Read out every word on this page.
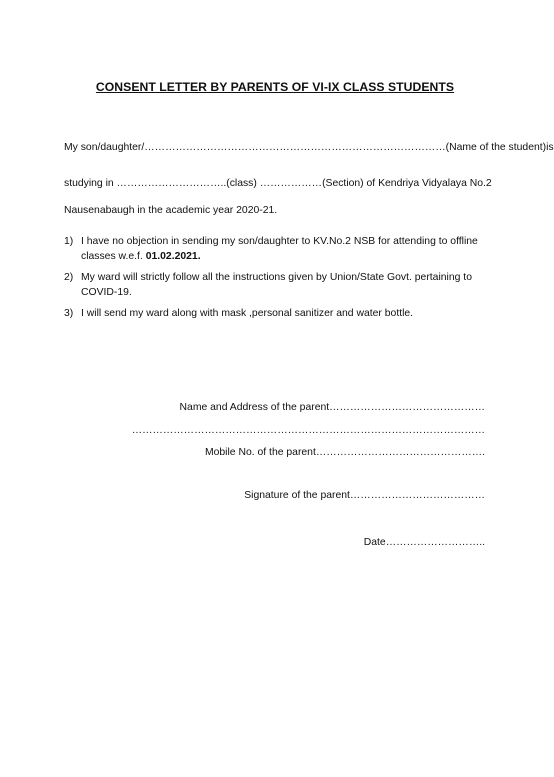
CONSENT LETTER BY PARENTS OF VI-IX CLASS STUDENTS
My son/daughter/……………………………………………………………………………(Name of the student) is
studying in …………………………..(class) ………………(Section) of Kendriya Vidyalaya No.2
Nausenabaugh in the academic year 2020-21.
1) I have no objection in sending my son/daughter to KV.No.2 NSB for attending to offline classes w.e.f. 01.02.2021.
2) My ward will strictly follow all the instructions given by Union/State Govt. pertaining to COVID-19.
3) I will send my ward along with mask ,personal sanitizer and water bottle.
Name and Address of the parent………………………………………
…………………………………………………………………………………………
Mobile No. of the parent………………………………………….
Signature of the parent…………………………………
Date………………………..
